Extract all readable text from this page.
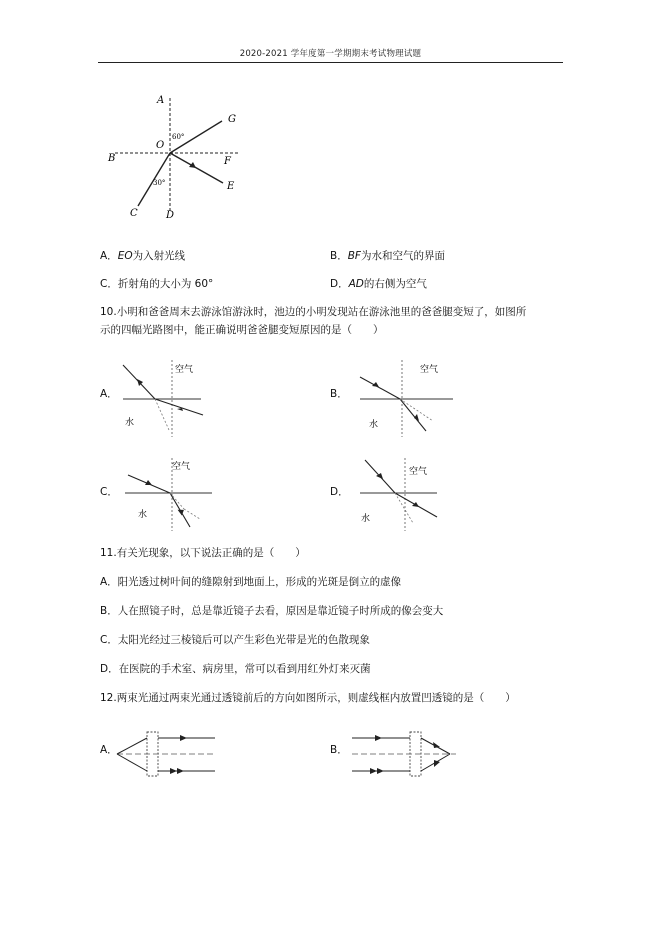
2020-2021 学年度第一学期期末考试物理试题
A
G
O
60°
B	F
E
30°
C	D
A．EO为入射光线	B．BF为水和空气的界面
C．折射角的大小为 60°	D．AD的右侧为空气
10.小明和爸爸周末去游泳馆游泳时，池边的小明发现站在游泳池里的爸爸腿变短了，如图所
示的四幅光路图中，能正确说明爸爸腿变短原因的是（　　）
A．
空气
水
B．
空气
水
C．
空气
水
D．
空气
水
11.有关光现象，以下说法正确的是（　　）
A．阳光透过树叶间的缝隙射到地面上，形成的光斑是倒立的虚像
B．人在照镜子时，总是靠近镜子去看，原因是靠近镜子时所成的像会变大
C．太阳光经过三棱镜后可以产生彩色光带是光的色散现象
D．在医院的手术室、病房里，常可以看到用红外灯来灭菌
12.两束光通过两束光通过透镜前后的方向如图所示，则虚线框内放置凹透镜的是（　　）
A．	B．
